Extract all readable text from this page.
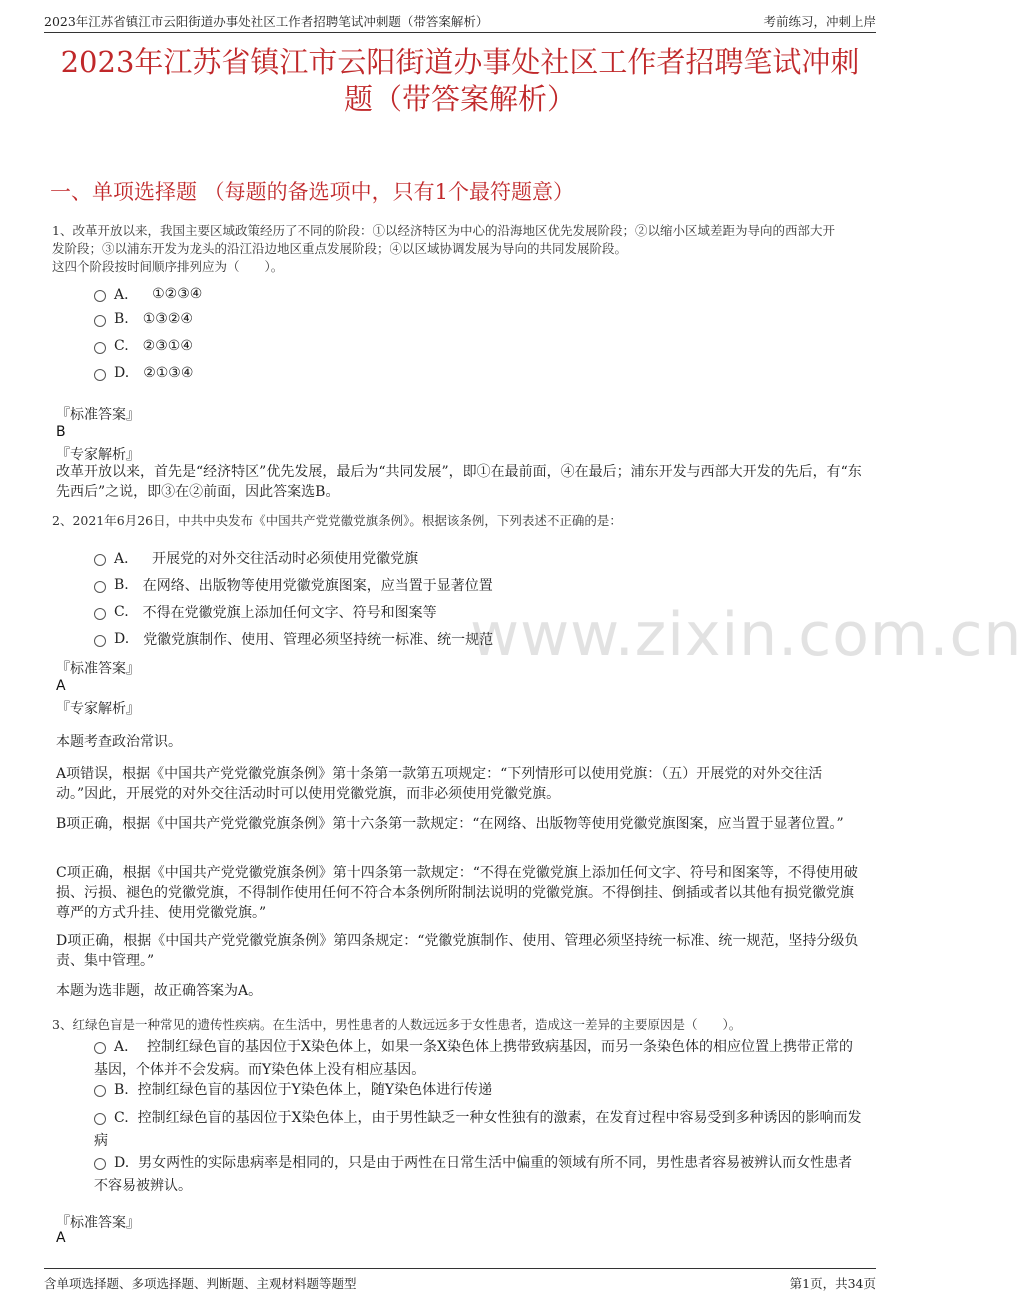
2023年江苏省镇江市云阳街道办事处社区工作者招聘笔试冲刺题（带答案解析）	考前练习，冲刺上岸
2023年江苏省镇江市云阳街道办事处社区工作者招聘笔试冲刺
题（带答案解析）
一、单项选择题 （每题的备选项中，只有1个最符题意）
www.zixin.com.cn
1、改革开放以来，我国主要区域政策经历了不同的阶段：①以经济特区为中心的沿海地区优先发展阶段；②以缩小区域差距为导向的西部大开
发阶段；③以浦东开发为龙头的沿江沿边地区重点发展阶段；④以区域协调发展为导向的共同发展阶段。
这四个阶段按时间顺序排列应为（　　）。
A． ①②③④
B. ①③②④
C. ②③①④
D. ②①③④
『标准答案』
B
『专家解析』
改革开放以来，首先是“经济特区”优先发展，最后为“共同发展”，即①在最前面，④在最后；浦东开发与西部大开发的先后，有“东先西后”之说，即③在②前面，因此答案选B。
2、2021年6月26日，中共中央发布《中国共产党党徽党旗条例》。根据该条例，下列表述不正确的是：
A． 开展党的对外交往活动时必须使用党徽党旗
B. 在网络、出版物等使用党徽党旗图案，应当置于显著位置
C. 不得在党徽党旗上添加任何文字、符号和图案等
D. 党徽党旗制作、使用、管理必须坚持统一标准、统一规范
『标准答案』
A
『专家解析』
本题考查政治常识。
A项错误，根据《中国共产党党徽党旗条例》第十条第一款第五项规定：“下列情形可以使用党旗：（五）开展党的对外交往活动。”因此，开展党的对外交往活动时可以使用党徽党旗，而非必须使用党徽党旗。
B项正确，根据《中国共产党党徽党旗条例》第十六条第一款规定：“在网络、出版物等使用党徽党旗图案，应当置于显著位置。”
C项正确，根据《中国共产党党徽党旗条例》第十四条第一款规定：“不得在党徽党旗上添加任何文字、符号和图案等，不得使用破损、污损、褪色的党徽党旗，不得制作使用任何不符合本条例所附制法说明的党徽党旗。不得倒挂、倒插或者以其他有损党徽党旗尊严的方式升挂、使用党徽党旗。”
D项正确，根据《中国共产党党徽党旗条例》第四条规定：“党徽党旗制作、使用、管理必须坚持统一标准、统一规范，坚持分级负责、集中管理。”
本题为选非题，故正确答案为A。
3、红绿色盲是一种常见的遗传性疾病。在生活中，男性患者的人数远远多于女性患者，造成这一差异的主要原因是（　　）。
A． 控制红绿色盲的基因位于X染色体上，如果一条X染色体上携带致病基因，而另一条染色体的相应位置上携带正常的基因，个体并不会发病。而Y染色体上没有相应基因。
B. 控制红绿色盲的基因位于Y染色体上，随Y染色体进行传递
C. 控制红绿色盲的基因位于X染色体上，由于男性缺乏一种女性独有的激素，在发育过程中容易受到多种诱因的影响而发病
D. 男女两性的实际患病率是相同的，只是由于两性在日常生活中偏重的领域有所不同，男性患者容易被辨认而女性患者不容易被辨认。
『标准答案』
A
含单项选择题、多项选择题、判断题、主观材料题等题型	第1页，共34页
